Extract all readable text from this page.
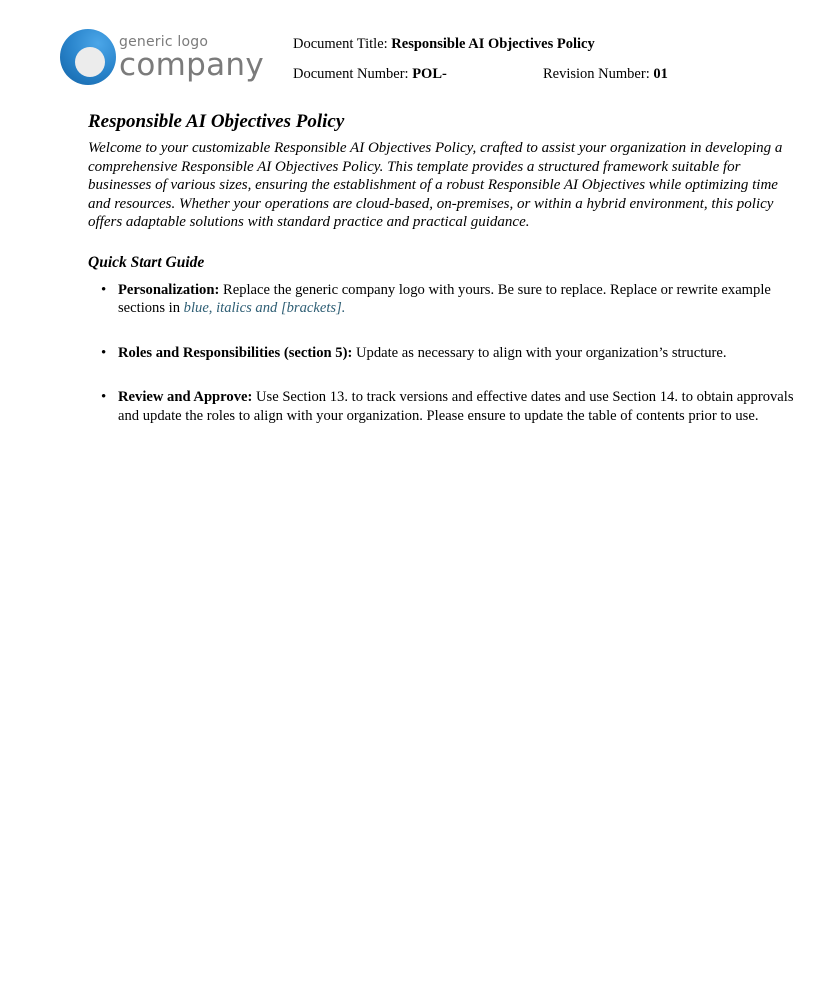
generic logo
company
Document Title: Responsible AI Objectives Policy
Document Number: POL-	Revision Number: 01
Responsible AI Objectives Policy
Welcome to your customizable Responsible AI Objectives Policy, crafted to assist your organization in developing a comprehensive Responsible AI Objectives Policy. This template provides a structured framework suitable for businesses of various sizes, ensuring the establishment of a robust Responsible AI Objectives while optimizing time and resources. Whether your operations are cloud-based, on-premises, or within a hybrid environment, this policy offers adaptable solutions with standard practice and practical guidance.
Quick Start Guide
• Personalization: Replace the generic company logo with yours. Be sure to replace. Replace or rewrite example sections in blue, italics and [brackets].
• Roles and Responsibilities (section 5): Update as necessary to align with your organization’s structure.
• Review and Approve: Use Section 13. to track versions and effective dates and use Section 14. to obtain approvals and update the roles to align with your organization. Please ensure to update the table of contents prior to use.
